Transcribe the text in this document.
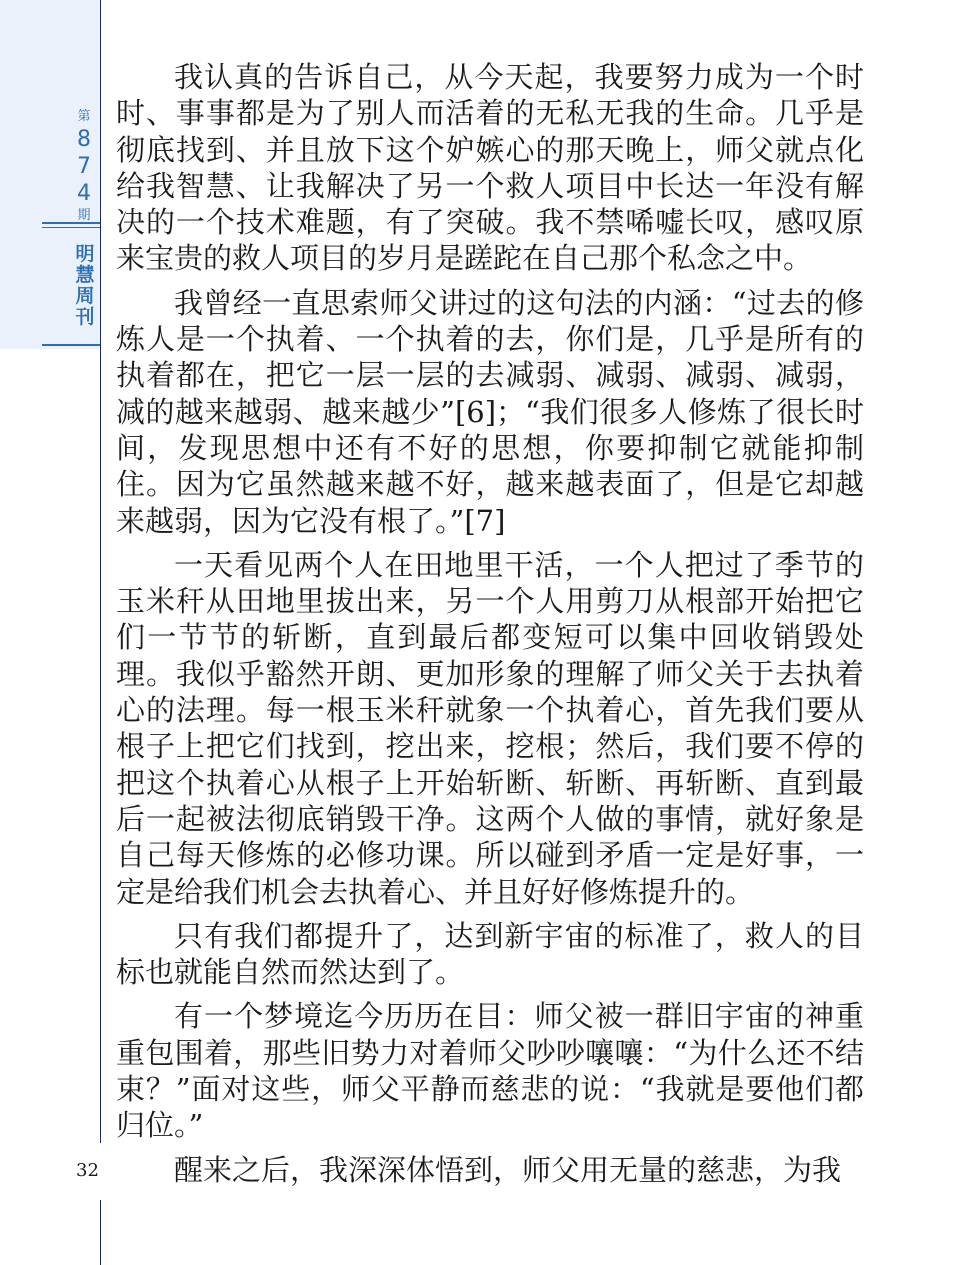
第
8
7
4
期
明
慧
周
刊
32

我认真的告诉自己，从今天起，我要努力成为一个时时、事事都是为了别人而活着的无私无我的生命。几乎是彻底找到、并且放下这个妒嫉心的那天晚上，师父就点化给我智慧、让我解决了另一个救人项目中长达一年没有解决的一个技术难题，有了突破。我不禁唏嘘长叹，感叹原来宝贵的救人项目的岁月是蹉跎在自己那个私念之中。

我曾经一直思索师父讲过的这句法的内涵：“过去的修炼人是一个执着、一个执着的去，你们是，几乎是所有的执着都在，把它一层一层的去减弱、减弱、减弱、减弱，减的越来越弱、越来越少”[6]；“我们很多人修炼了很长时间，发现思想中还有不好的思想，你要抑制它就能抑制住。因为它虽然越来越不好，越来越表面了，但是它却越来越弱，因为它没有根了。”[7]

一天看见两个人在田地里干活，一个人把过了季节的玉米秆从田地里拔出来，另一个人用剪刀从根部开始把它们一节节的斩断，直到最后都变短可以集中回收销毁处理。我似乎豁然开朗、更加形象的理解了师父关于去执着心的法理。每一根玉米秆就象一个执着心，首先我们要从根子上把它们找到，挖出来，挖根；然后，我们要不停的把这个执着心从根子上开始斩断、斩断、再斩断、直到最后一起被法彻底销毁干净。这两个人做的事情，就好象是自己每天修炼的必修功课。所以碰到矛盾一定是好事，一定是给我们机会去执着心、并且好好修炼提升的。

只有我们都提升了，达到新宇宙的标准了，救人的目标也就能自然而然达到了。

有一个梦境迄今历历在目：师父被一群旧宇宙的神重重包围着，那些旧势力对着师父吵吵嚷嚷：“为什么还不结束？”面对这些，师父平静而慈悲的说：“我就是要他们都归位。”

醒来之后，我深深体悟到，师父用无量的慈悲，为我
